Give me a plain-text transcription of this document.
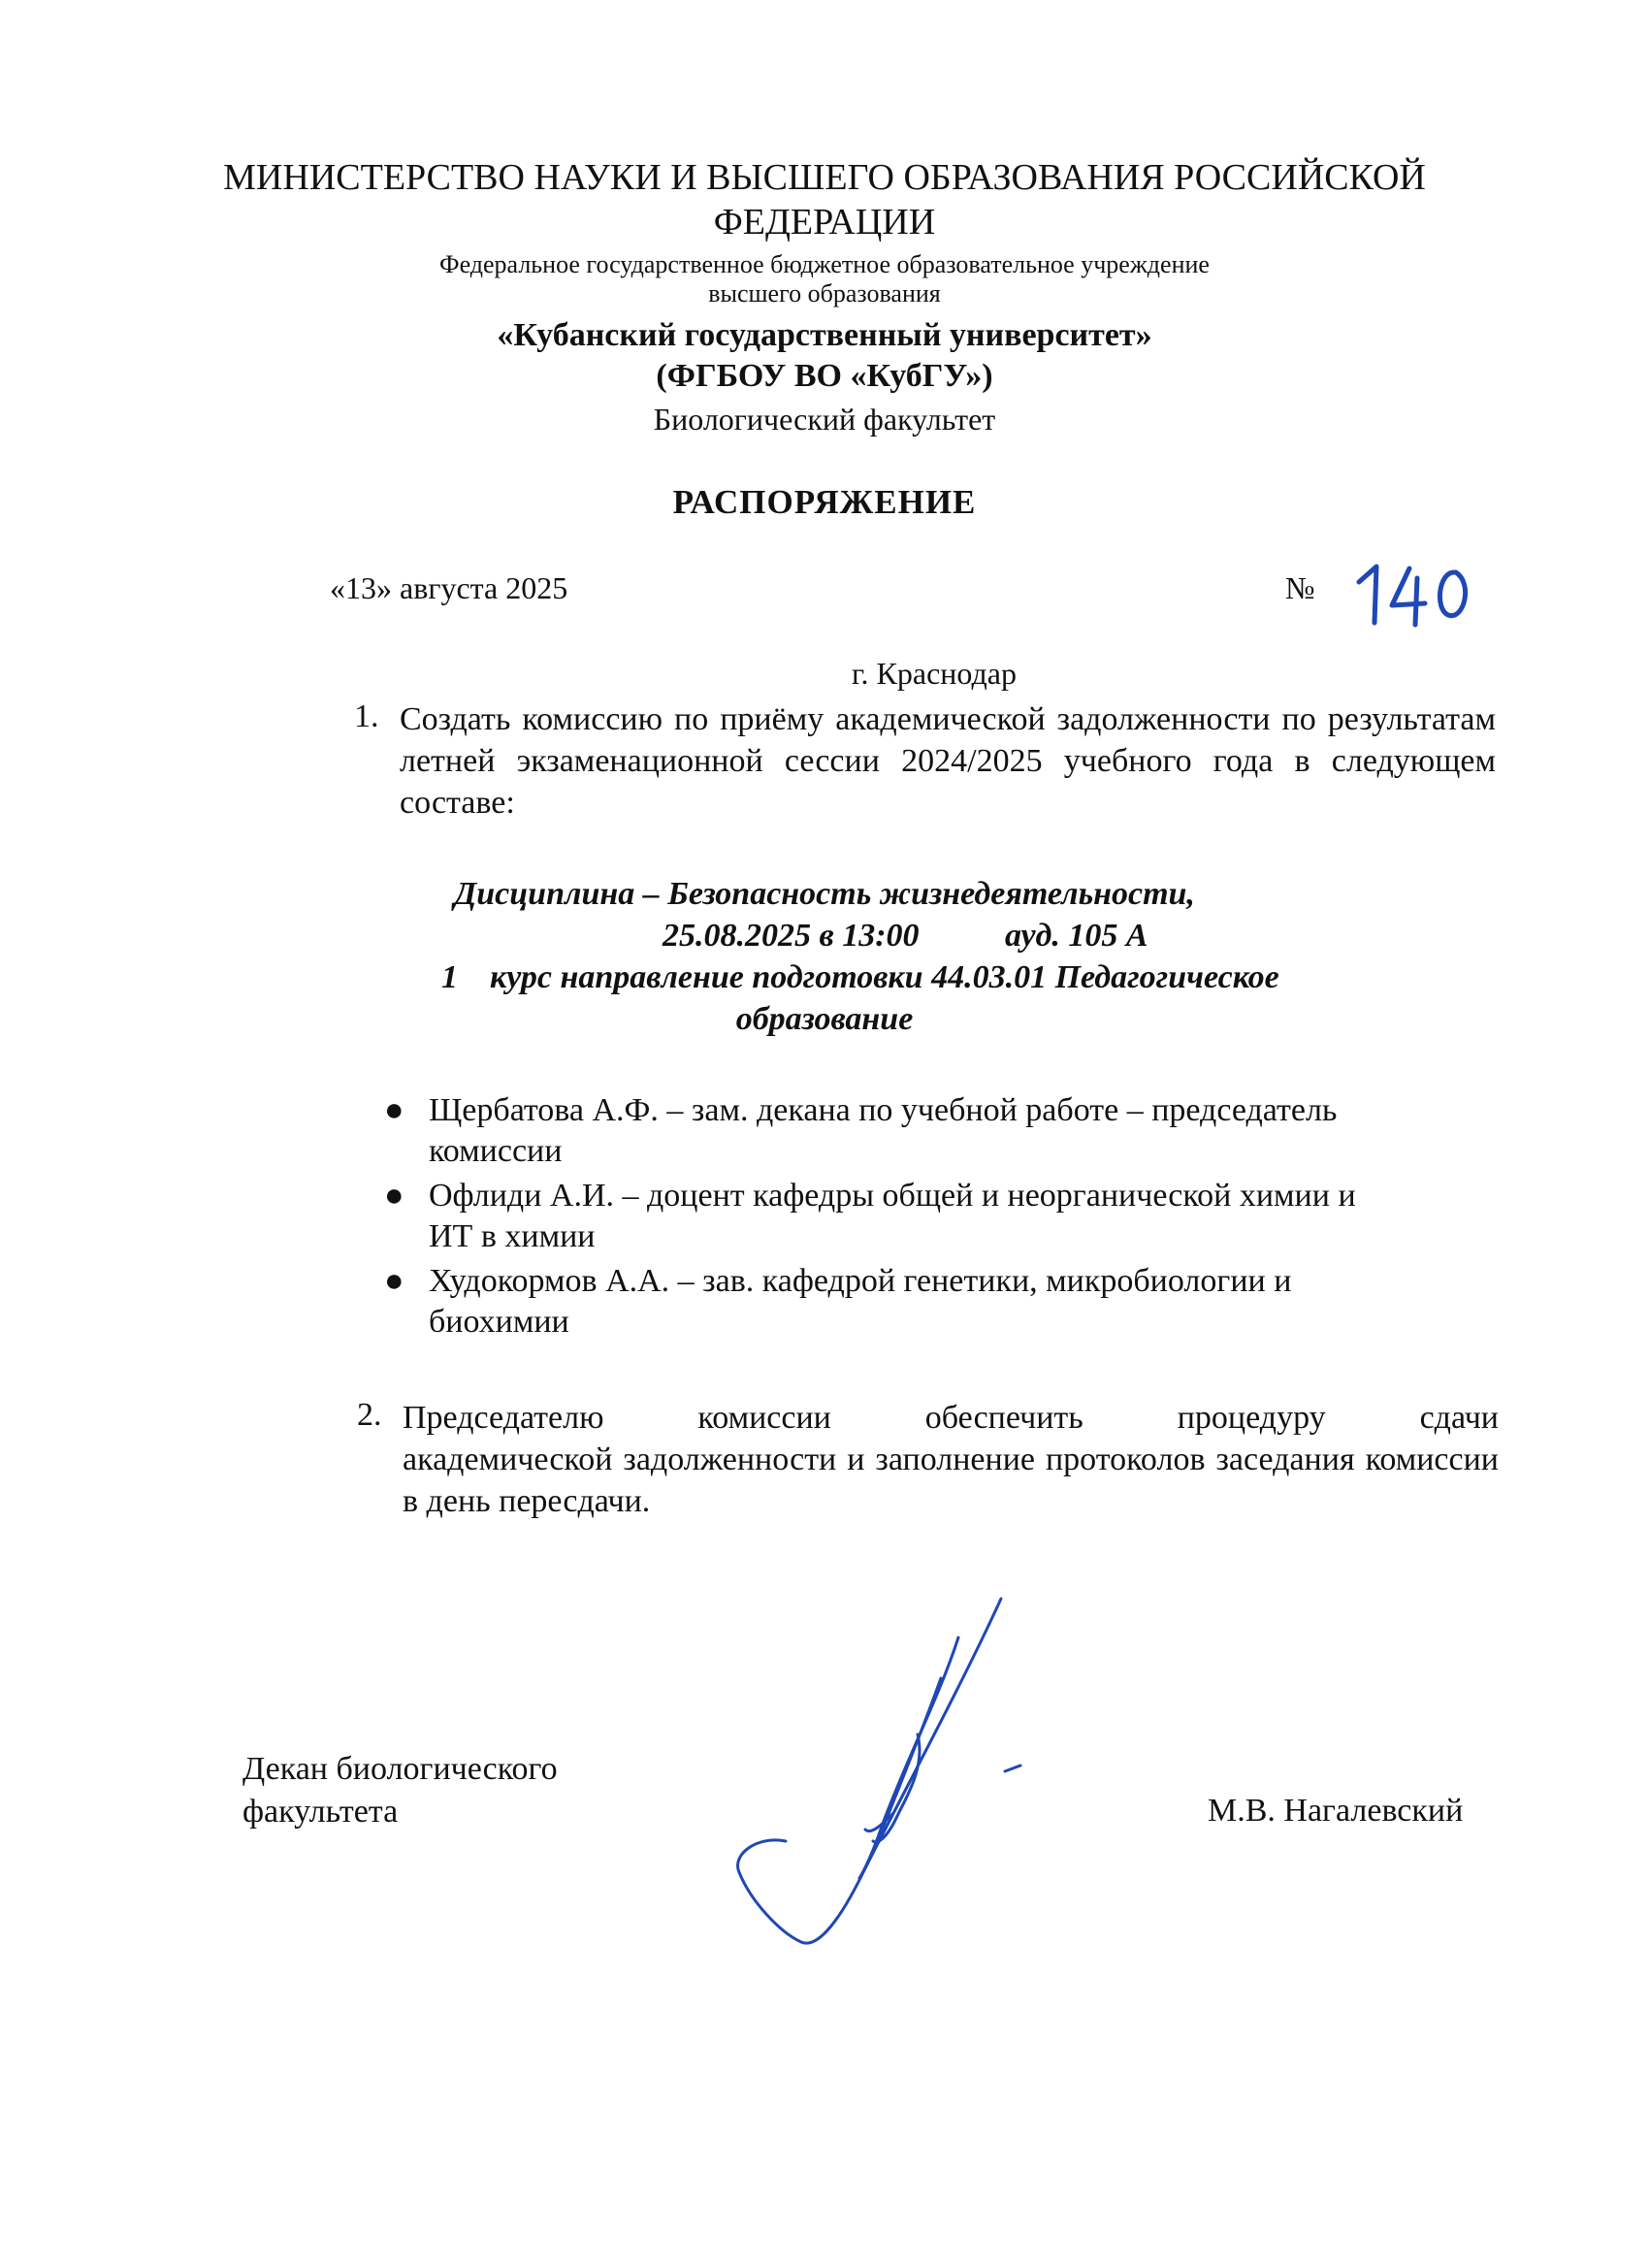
МИНИСТЕРСТВО НАУКИ И ВЫСШЕГО ОБРАЗОВАНИЯ РОССИЙСКОЙ
ФЕДЕРАЦИИ
Федеральное государственное бюджетное образовательное учреждение
высшего образования
«Кубанский государственный университет»
(ФГБОУ ВО «КубГУ»)
Биологический факультет
РАСПОРЯЖЕНИЕ
«13» августа 2025	№
г. Краснодар
1. Создать комиссию по приёму академической задолженности по результатам летней экзаменационной сессии 2024/2025 учебного года в следующем составе:
Дисциплина – Безопасность жизнедеятельности,
25.08.2025 в 13:00	ауд. 105 А
1 курс направление подготовки 44.03.01 Педагогическое
образование
● Щербатова А.Ф. – зам. декана по учебной работе – председатель
комиссии
● Офлиди А.И. – доцент кафедры общей и неорганической химии и
ИТ в химии
● Худокормов А.А. – зав. кафедрой генетики, микробиологии и
биохимии
2. Председателю комиссии обеспечить процедуру сдачи
академической задолженности и заполнение протоколов заседания комиссии в день пересдачи.
Декан биологического
факультета	М.В. Нагалевский
